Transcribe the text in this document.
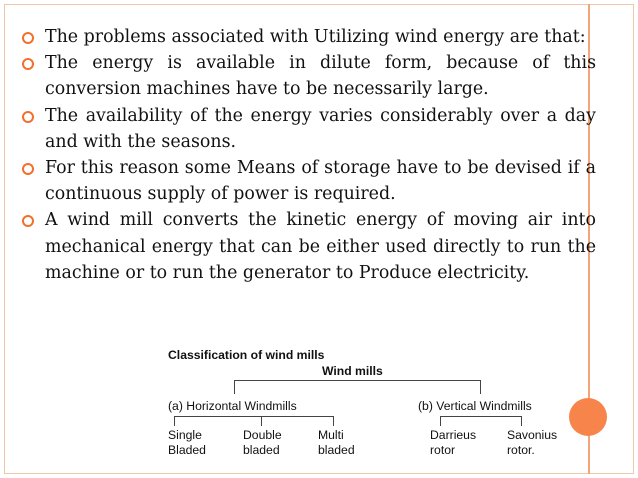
The problems associated with Utilizing wind energy are that:
The energy is available in dilute form, because of this conversion machines have to be necessarily large.
The availability of the energy varies considerably over a day and with the seasons.
For this reason some Means of storage have to be devised if a continuous supply of power is required.
A wind mill converts the kinetic energy of moving air into mechanical energy that can be either used directly to run the machine or to run the generator to Produce electricity.
Classification of wind mills
Wind mills
(a) Horizontal Windmills	(b) Vertical Windmills
Single
Bladed
Double
bladed
Multi
bladed
Darrieus
rotor
Savonius
rotor.
